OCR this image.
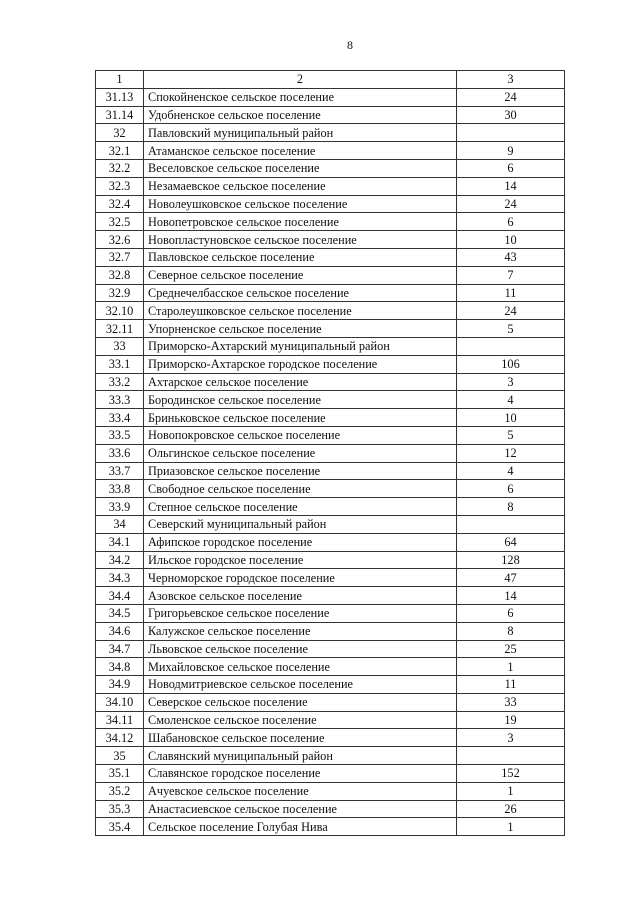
8
1	2	3
31.13	Спокойненское сельское поселение	24
31.14	Удобненское сельское поселение	30
32	Павловский муниципальный район	
32.1	Атаманское сельское поселение	9
32.2	Веселовское сельское поселение	6
32.3	Незамаевское сельское поселение	14
32.4	Новолеушковское сельское поселение	24
32.5	Новопетровское сельское поселение	6
32.6	Новопластуновское сельское поселение	10
32.7	Павловское сельское поселение	43
32.8	Северное сельское поселение	7
32.9	Среднечелбасское сельское поселение	11
32.10	Старолеушковское сельское поселение	24
32.11	Упорненское сельское поселение	5
33	Приморско-Ахтарский муниципальный район	
33.1	Приморско-Ахтарское городское поселение	106
33.2	Ахтарское сельское поселение	3
33.3	Бородинское сельское поселение	4
33.4	Бриньковское сельское поселение	10
33.5	Новопокровское сельское поселение	5
33.6	Ольгинское сельское поселение	12
33.7	Приазовское сельское поселение	4
33.8	Свободное сельское поселение	6
33.9	Степное сельское поселение	8
34	Северский муниципальный район	
34.1	Афипское городское поселение	64
34.2	Ильское городское поселение	128
34.3	Черноморское городское поселение	47
34.4	Азовское сельское поселение	14
34.5	Григорьевское сельское поселение	6
34.6	Калужское сельское поселение	8
34.7	Львовское сельское поселение	25
34.8	Михайловское сельское поселение	1
34.9	Новодмитриевское сельское поселение	11
34.10	Северское сельское поселение	33
34.11	Смоленское сельское поселение	19
34.12	Шабановское сельское поселение	3
35	Славянский муниципальный район	
35.1	Славянское городское поселение	152
35.2	Ачуевское сельское поселение	1
35.3	Анастасиевское сельское поселение	26
35.4	Сельское поселение Голубая Нива	1
